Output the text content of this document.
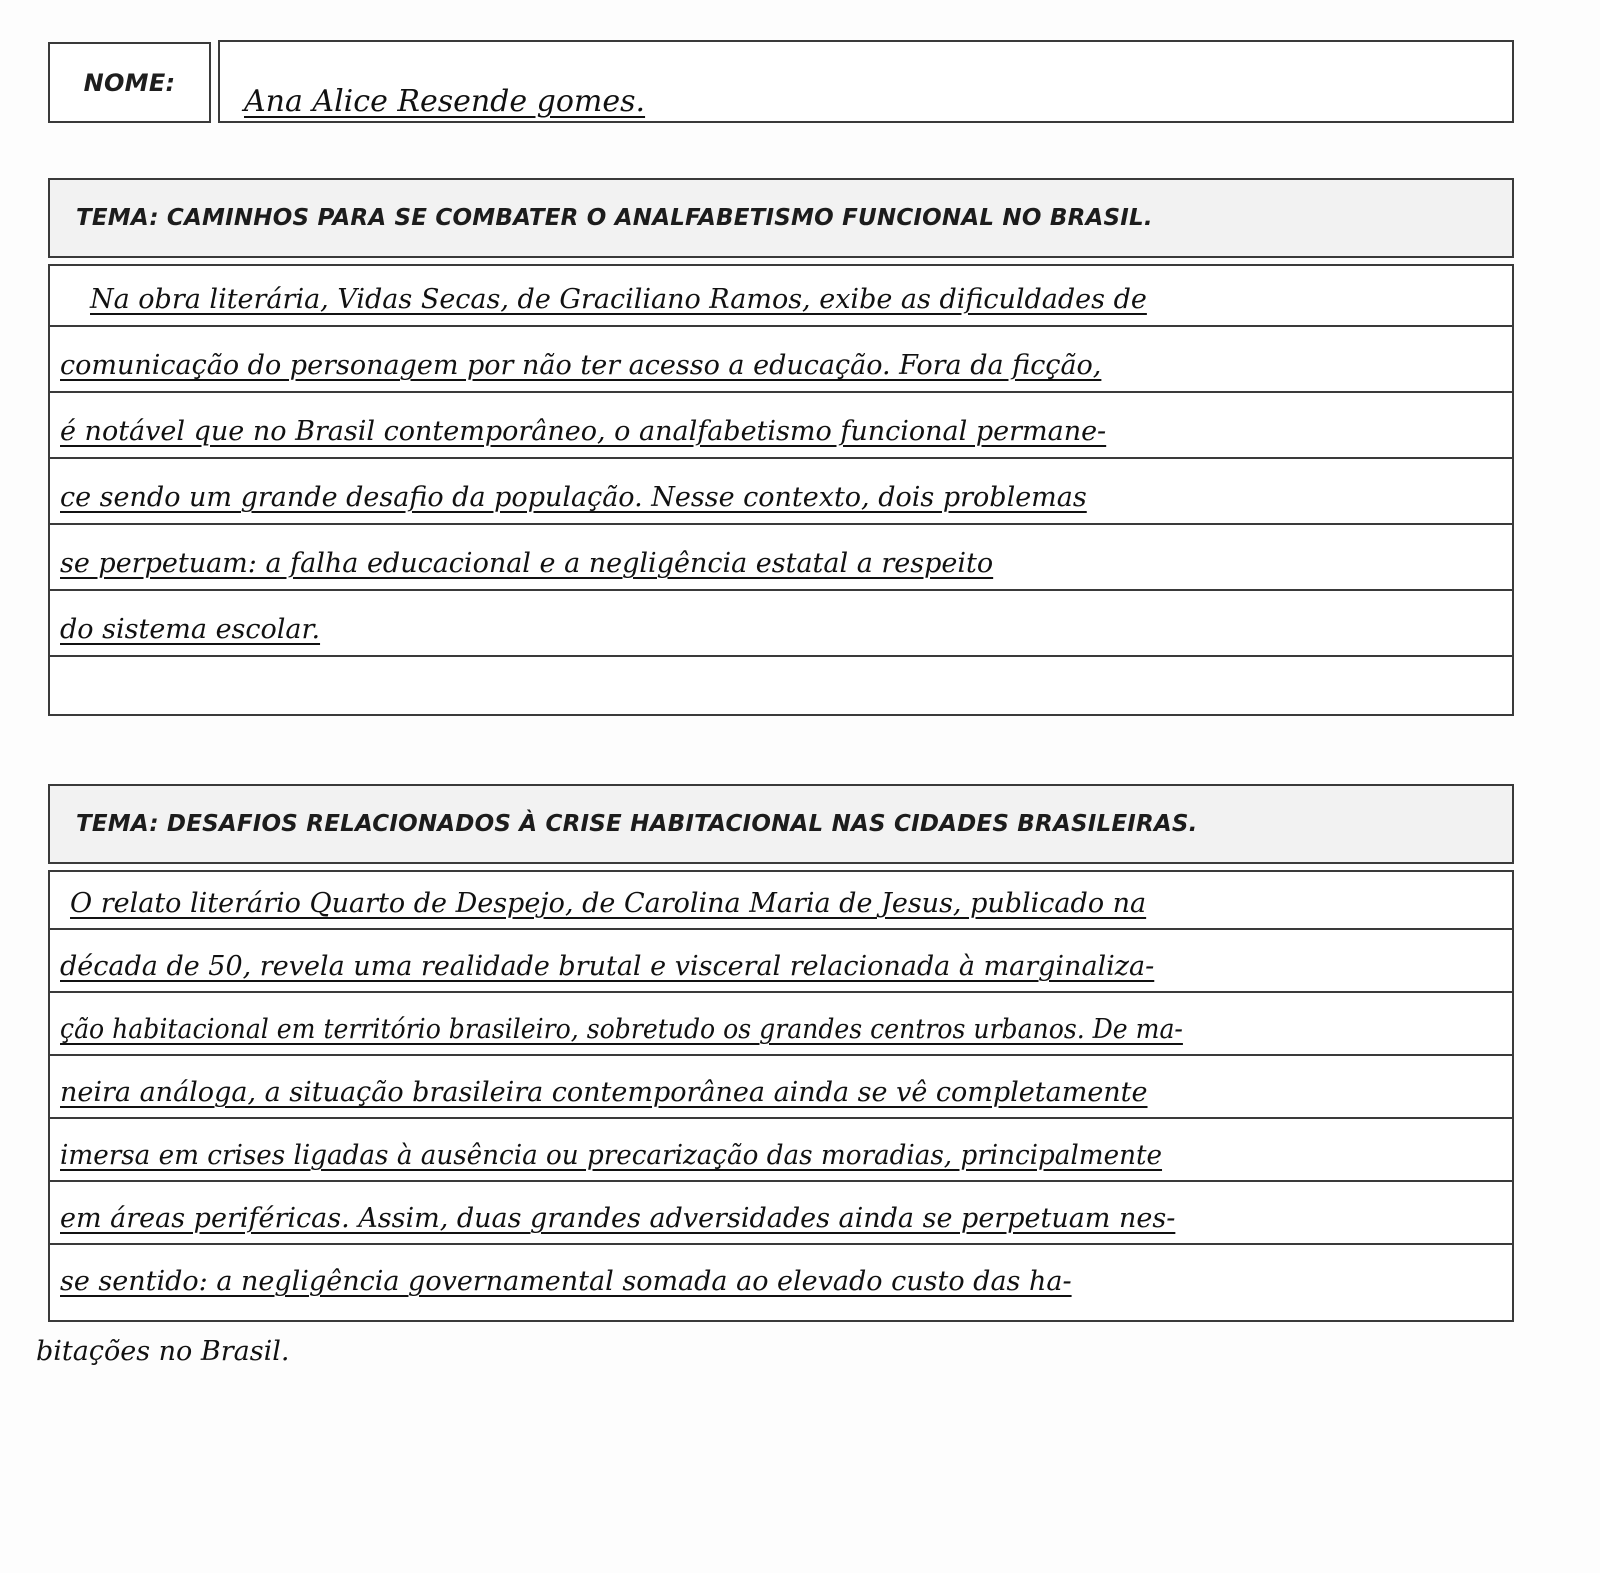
NOME:
Ana Alice Resende gomes.
TEMA: CAMINHOS PARA SE COMBATER O ANALFABETISMO FUNCIONAL NO BRASIL.
Na obra literária, Vidas Secas, de Graciliano Ramos, exibe as dificuldades de
comunicação do personagem por não ter acesso a educação. Fora da ficção,
é notável que no Brasil contemporâneo, o analfabetismo funcional permane-
ce sendo um grande desafio da população. Nesse contexto, dois problemas
se perpetuam: a falha educacional e a negligência estatal a respeito
do sistema escolar.
TEMA: DESAFIOS RELACIONADOS À CRISE HABITACIONAL NAS CIDADES BRASILEIRAS.
O relato literário Quarto de Despejo, de Carolina Maria de Jesus, publicado na
década de 50, revela uma realidade brutal e visceral relacionada à marginaliza-
ção habitacional em território brasileiro, sobretudo os grandes centros urbanos. De ma-
neira análoga, a situação brasileira contemporânea ainda se vê completamente
imersa em crises ligadas à ausência ou precarização das moradias, principalmente
em áreas periféricas. Assim, duas grandes adversidades ainda se perpetuam nes-
se sentido: a negligência governamental somada ao elevado custo das ha-
bitações no Brasil.
